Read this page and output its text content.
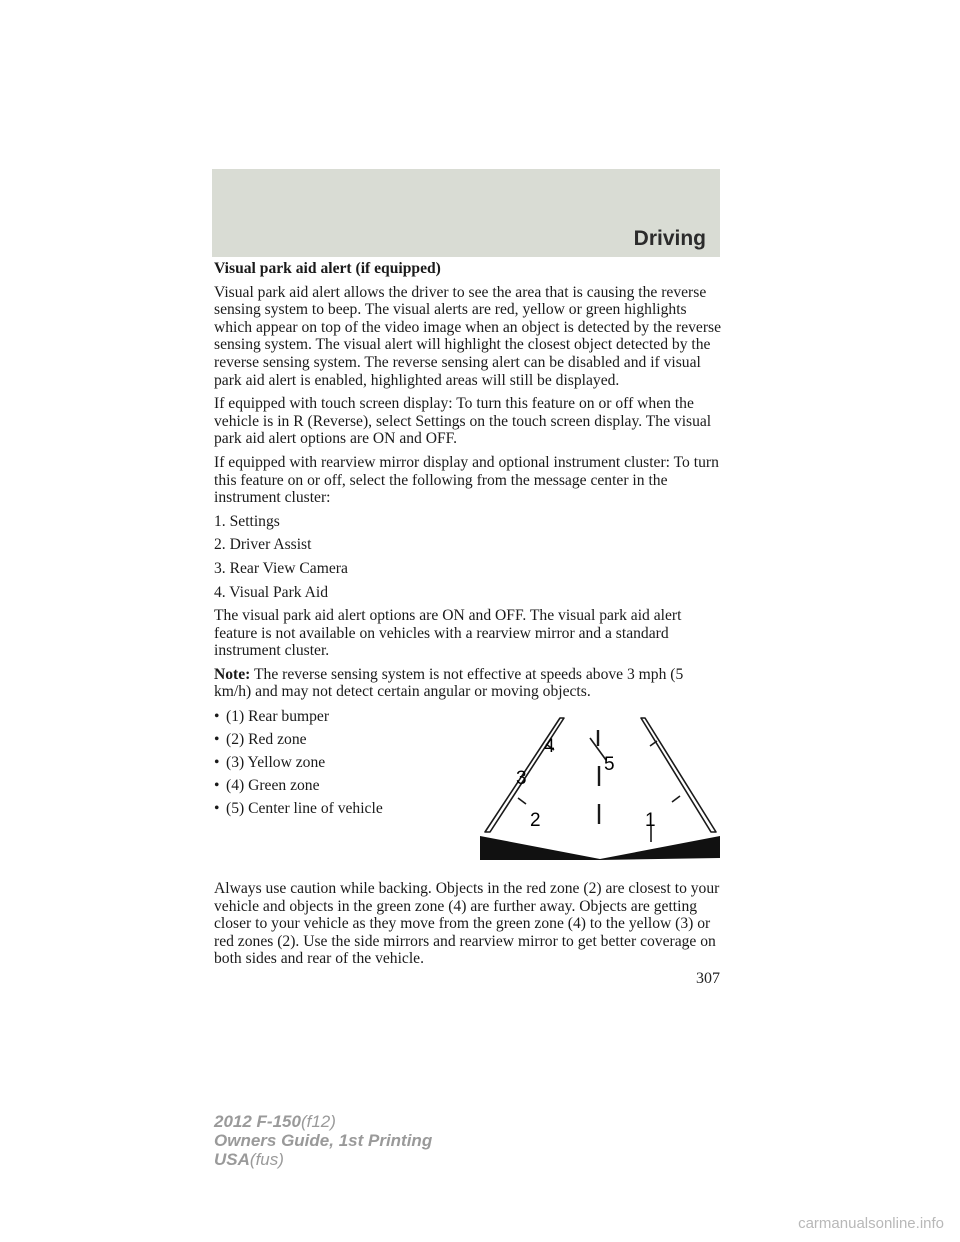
Driving

Visual park aid alert (if equipped)

Visual park aid alert allows the driver to see the area that is causing the reverse sensing system to beep. The visual alerts are red, yellow or green highlights which appear on top of the video image when an object is detected by the reverse sensing system. The visual alert will highlight the closest object detected by the reverse sensing system. The reverse sensing alert can be disabled and if visual park aid alert is enabled, highlighted areas will still be displayed.

If equipped with touch screen display: To turn this feature on or off when the vehicle is in R (Reverse), select Settings on the touch screen display. The visual park aid alert options are ON and OFF.

If equipped with rearview mirror display and optional instrument cluster: To turn this feature on or off, select the following from the message center in the instrument cluster:

1. Settings

2. Driver Assist

3. Rear View Camera

4. Visual Park Aid

The visual park aid alert options are ON and OFF. The visual park aid alert feature is not available on vehicles with a rearview mirror and a standard instrument cluster.

Note: The reverse sensing system is not effective at speeds above 3 mph (5 km/h) and may not detect certain angular or moving objects.

• (1) Rear bumper
• (2) Red zone
• (3) Yellow zone
• (4) Green zone
• (5) Center line of vehicle
4
3
5
2	1
Always use caution while backing. Objects in the red zone (2) are closest to your vehicle and objects in the green zone (4) are further away. Objects are getting closer to your vehicle as they move from the green zone (4) to the yellow (3) or red zones (2). Use the side mirrors and rearview mirror to get better coverage on both sides and rear of the vehicle.
307
2012 F-150(f12)
Owners Guide, 1st Printing
USA(fus)
carmanualsonline.info
